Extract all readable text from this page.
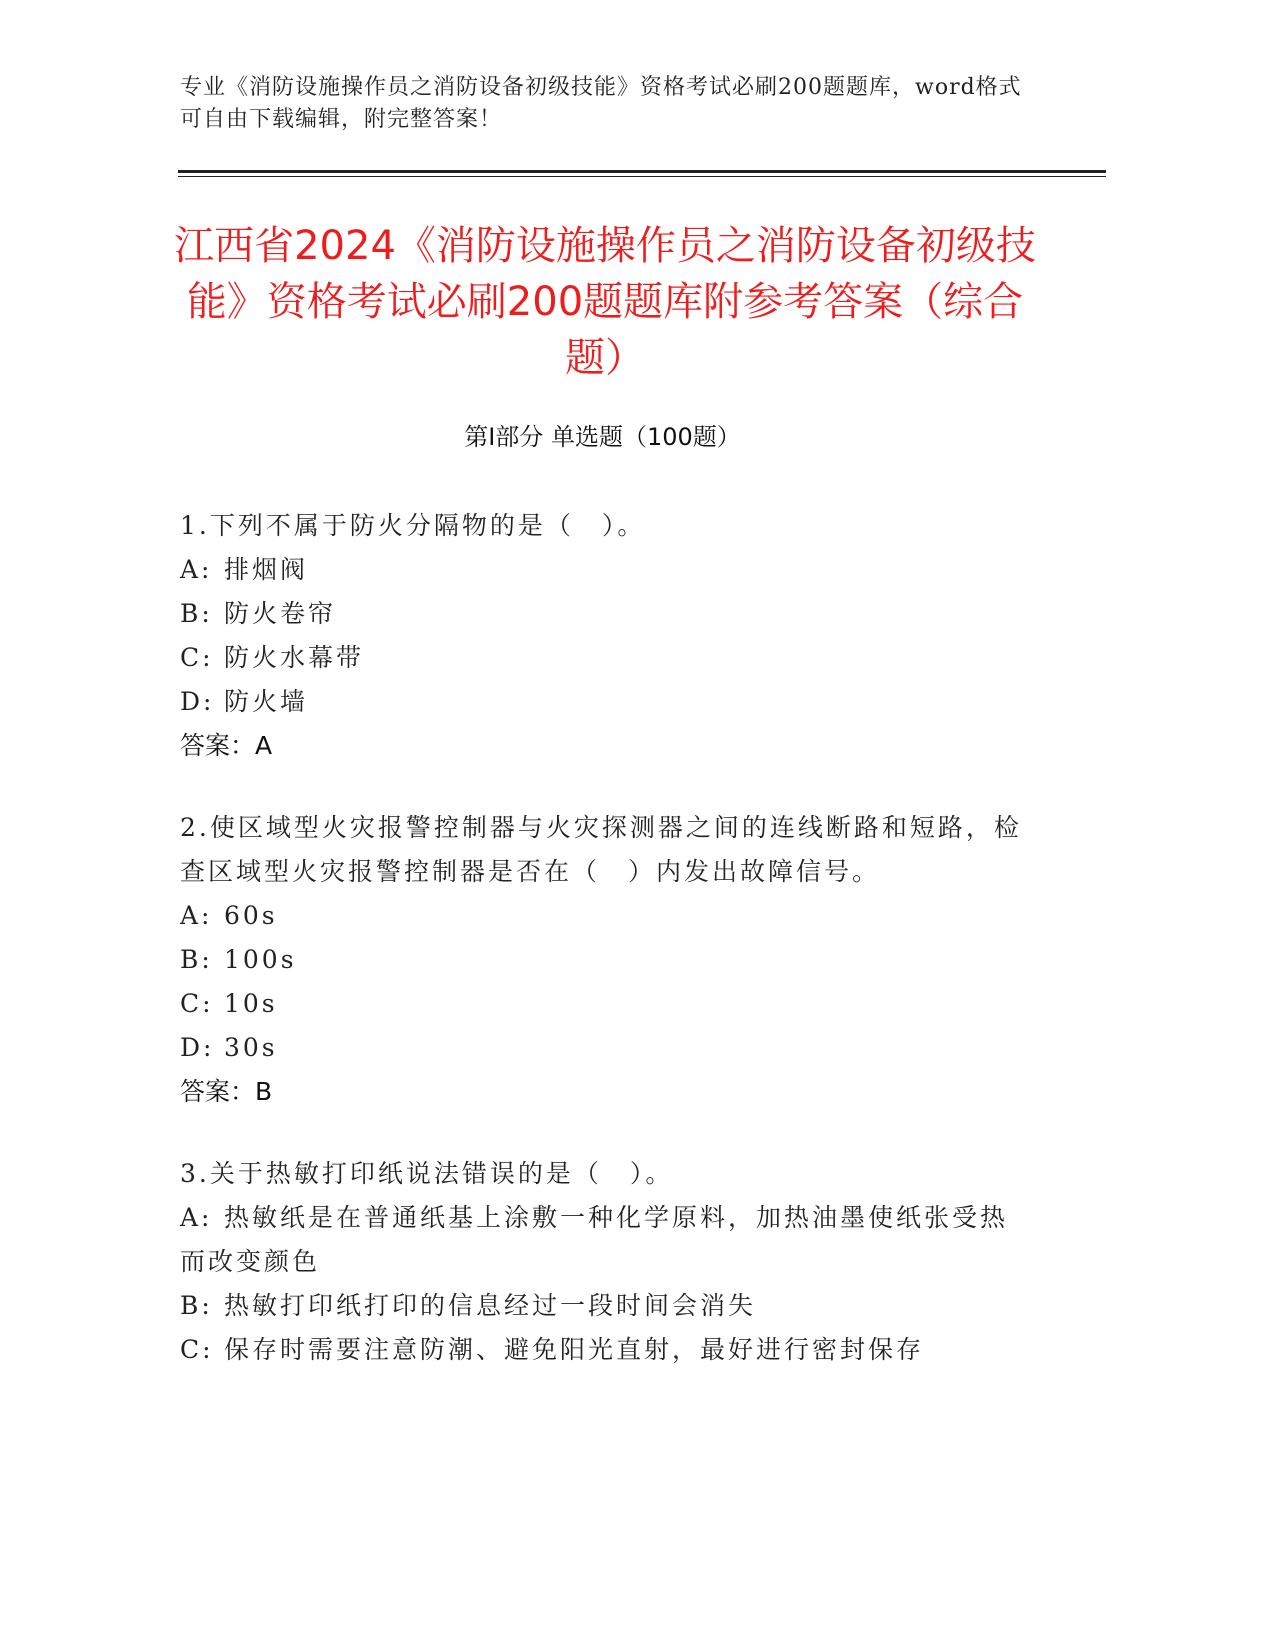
专业《消防设施操作员之消防设备初级技能》资格考试必刷200题题库，word格式可自由下载编辑，附完整答案！
江西省2024《消防设施操作员之消防设备初级技能》资格考试必刷200题题库附参考答案（综合题）
第Ⅰ部分 单选题（100题）
1.下列不属于防火分隔物的是（　）。
A: 排烟阀
B: 防火卷帘
C: 防火水幕带
D: 防火墙
答案：A
2.使区域型火灾报警控制器与火灾探测器之间的连线断路和短路，检查区域型火灾报警控制器是否在（　）内发出故障信号。
A: 60s
B: 100s
C: 10s
D: 30s
答案：B
3.关于热敏打印纸说法错误的是（　）。
A: 热敏纸是在普通纸基上涂敷一种化学原料，加热油墨使纸张受热而改变颜色
B: 热敏打印纸打印的信息经过一段时间会消失
C: 保存时需要注意防潮、避免阳光直射，最好进行密封保存
